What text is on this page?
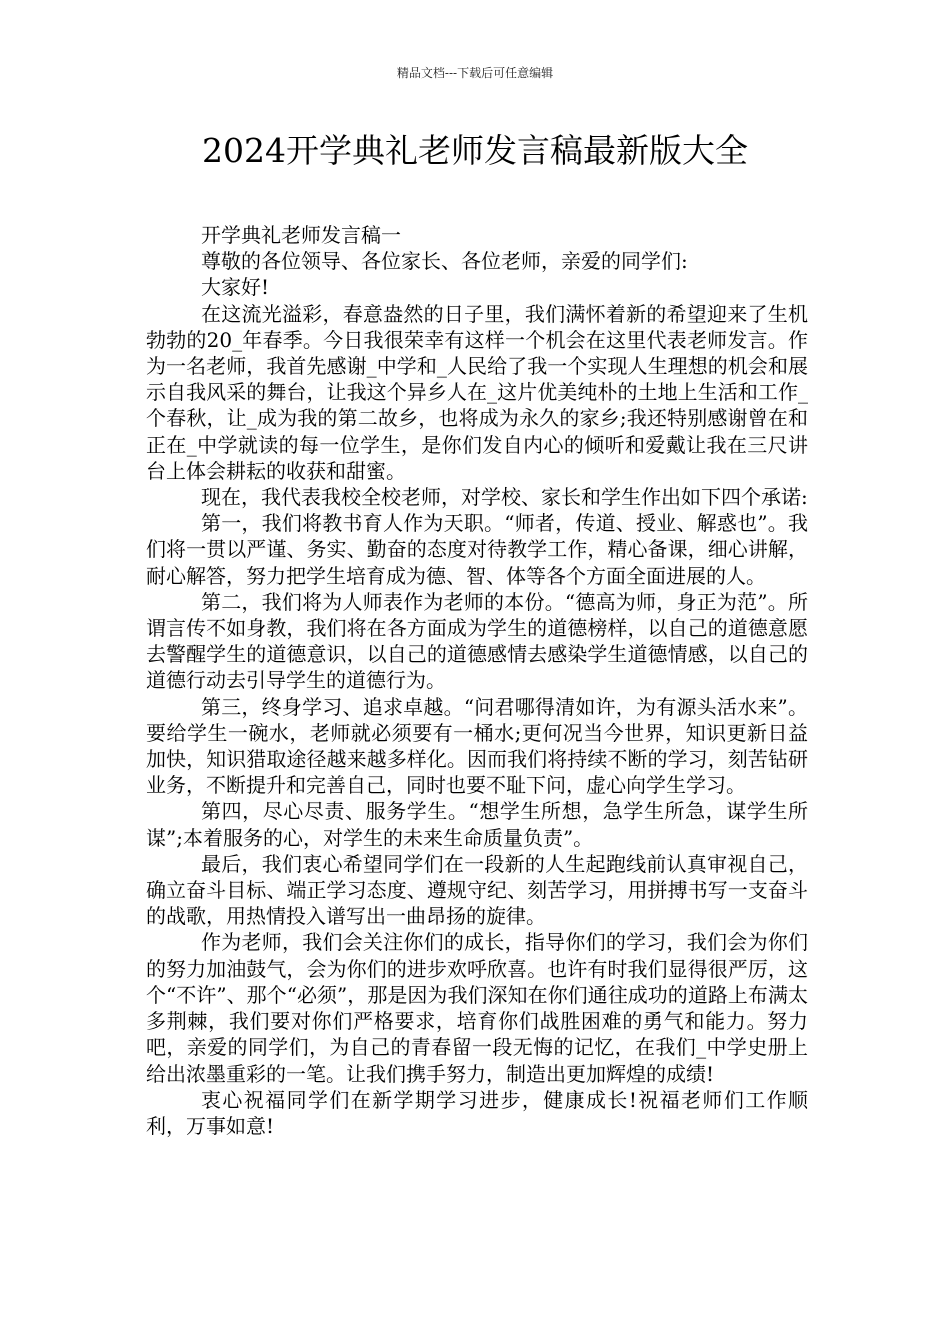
精品文档---下载后可任意编辑
2024开学典礼老师发言稿最新版大全

开学典礼老师发言稿一

尊敬的各位领导、各位家长、各位老师，亲爱的同学们:

大家好!

在这流光溢彩，春意盎然的日子里，我们满怀着新的希望迎来了生机勃勃的20_年春季。今日我很荣幸有这样一个机会在这里代表老师发言。作为一名老师，我首先感谢_中学和_人民给了我一个实现人生理想的机会和展示自我风采的舞台，让我这个异乡人在_这片优美纯朴的土地上生活和工作_个春秋，让_成为我的第二故乡，也将成为永久的家乡;我还特别感谢曾在和正在_中学就读的每一位学生，是你们发自内心的倾听和爱戴让我在三尺讲台上体会耕耘的收获和甜蜜。

现在，我代表我校全校老师，对学校、家长和学生作出如下四个承诺:

第一，我们将教书育人作为天职。“师者，传道、授业、解惑也”。我们将一贯以严谨、务实、勤奋的态度对待教学工作，精心备课，细心讲解，耐心解答，努力把学生培育成为德、智、体等各个方面全面进展的人。

第二，我们将为人师表作为老师的本份。“德高为师，身正为范”。所谓言传不如身教，我们将在各方面成为学生的道德榜样，以自己的道德意愿去警醒学生的道德意识，以自己的道德感情去感染学生道德情感，以自己的道德行动去引导学生的道德行为。

第三，终身学习、追求卓越。“问君哪得清如许，为有源头活水来”。要给学生一碗水，老师就必须要有一桶水;更何况当今世界，知识更新日益加快，知识猎取途径越来越多样化。因而我们将持续不断的学习，刻苦钻研业务，不断提升和完善自己，同时也要不耻下问，虚心向学生学习。

第四，尽心尽责、服务学生。“想学生所想，急学生所急，谋学生所谋”;本着服务的心，对学生的未来生命质量负责”。

最后，我们衷心希望同学们在一段新的人生起跑线前认真审视自己，确立奋斗目标、端正学习态度、遵规守纪、刻苦学习，用拼搏书写一支奋斗的战歌，用热情投入谱写出一曲昂扬的旋律。

作为老师，我们会关注你们的成长，指导你们的学习，我们会为你们的努力加油鼓气，会为你们的进步欢呼欣喜。也许有时我们显得很严厉，这个“不许”、那个“必须”，那是因为我们深知在你们通往成功的道路上布满太多荆棘，我们要对你们严格要求，培育你们战胜困难的勇气和能力。努力吧，亲爱的同学们，为自己的青春留一段无悔的记忆，在我们_中学史册上给出浓墨重彩的一笔。让我们携手努力，制造出更加辉煌的成绩!

衷心祝福同学们在新学期学习进步，健康成长!祝福老师们工作顺利，万事如意!
